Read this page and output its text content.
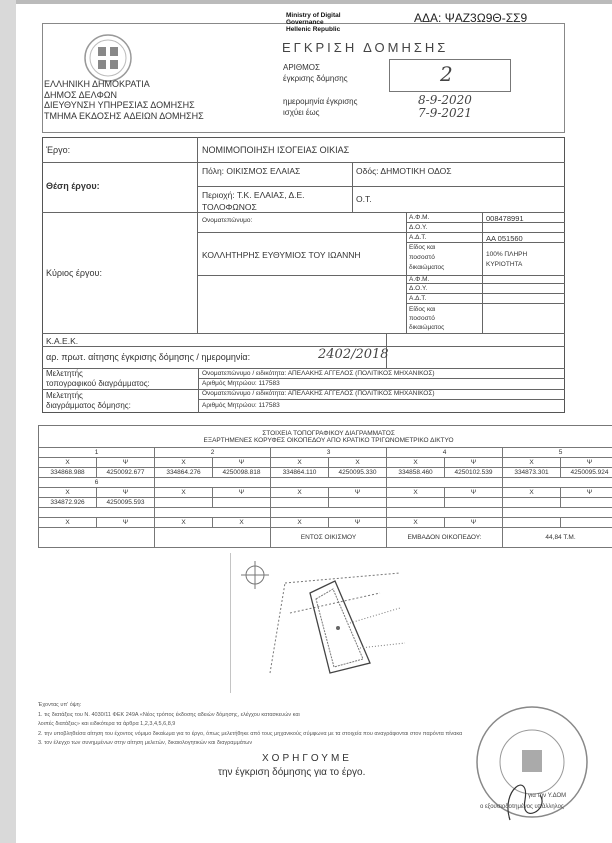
ΑΔΑ: ΨΑΖ3Ω9Θ-ΣΣ9
ΕΛΛΗΝΙΚΗ ΔΗΜΟΚΡΑΤΙΑ
ΔΗΜΟΣ ΔΕΛΦΩΝ
ΔΙΕΥΘΥΝΣΗ ΥΠΗΡΕΣΙΑΣ ΔΟΜΗΣΗΣ
ΤΜΗΜΑ ΕΚΔΟΣΗΣ ΑΔΕΙΩΝ ΔΟΜΗΣΗΣ
Ministry of Digital
Governance
Hellenic Republic
ΕΓΚΡΙΣΗ ΔΟΜΗΣΗΣ
ΑΡΙΘΜΟΣ
έγκρισης δόμησης	2
ημερομηνία έγκρισης
ισχύει έως
8-9-2020
7-9-2021
Έργο:	ΝΟΜΙΜΟΠΟΙΗΣΗ ΙΣΟΓΕΙΑΣ ΟΙΚΙΑΣ
Θέση έργου:
Πόλη: ΟΙΚΙΣΜΟΣ ΕΛΑΙΑΣ	Οδός: ΔΗΜΟΤΙΚΗ ΟΔΟΣ
Περιοχή: Τ.Κ. ΕΛΑΙΑΣ, Δ.Ε.
ΤΟΛΟΦΩΝΟΣ
Ο.Τ.
Κύριος έργου:
Ονοματεπώνυμο:
ΚΟΛΛΗΤΗΡΗΣ ΕΥΘΥΜΙΟΣ ΤΟΥ ΙΩΑΝΝΗ
Α.Φ.Μ.	008478991
Δ.Ο.Υ.
Α.Δ.Τ.	ΑΑ 051560
Είδος και
ποσοστό
δικαιώματος
100% ΠΛΗΡΗ
ΚΥΡΙΟΤΗΤΑ
Α.Φ.Μ.
Δ.Ο.Υ.
Α.Δ.Τ.
Είδος και
ποσοστό
δικαιώματος
Κ.Α.Ε.Κ.
αρ. πρωτ. αίτησης έγκρισης δόμησης / ημερομηνία:	2402/2018
Μελετητής
τοπογραφικού διαγράμματος:
Ονοματεπώνυμο / ειδικότητα: ΑΠΕΛΑΚΗΣ ΑΓΓΕΛΟΣ (ΠΟΛΙΤΙΚΟΣ ΜΗΧΑΝΙΚΟΣ)
Αριθμός Μητρώου: 117583
Μελετητής
διαγράμματος δόμησης:
Ονοματεπώνυμο / ειδικότητα: ΑΠΕΛΑΚΗΣ ΑΓΓΕΛΟΣ (ΠΟΛΙΤΙΚΟΣ ΜΗΧΑΝΙΚΟΣ)
Αριθμός Μητρώου: 117583
ΣΤΟΙΧΕΙΑ ΤΟΠΟΓΡΑΦΙΚΟΥ ΔΙΑΓΡΑΜΜΑΤΟΣ
ΕΞΑΡΤΗΜΕΝΕΣ ΚΟΡΥΦΕΣ ΟΙΚΟΠΕΔΟΥ ΑΠΟ ΚΡΑΤΙΚΟ ΤΡΙΓΩΝΟΜΕΤΡΙΚΟ ΔΙΚΤΥΟ									

1		2		3		4		5	
Χ	Ψ	Χ	Ψ	Χ	Χ	Χ	Ψ	Χ	Ψ
334868.988	4250092.677	334864.276	4250098.818	334864.110	4250095.330	334858.460	4250102.539	334873.301	4250095.924
6									
Χ	Ψ	Χ	Ψ	Χ	Ψ	Χ	Ψ	Χ	Ψ
334872.926	4250095.593								

Χ	Ψ	Χ	Χ	Χ	Ψ	Χ	Ψ		
				ΕΝΤΟΣ ΟΙΚΙΣΜΟΥ		ΕΜΒΑΔΟΝ ΟΙΚΟΠΕΔΟΥ:		44,84 Τ.Μ.	
Έχοντας υπ' όψη:
1. τις διατάξεις του Ν. 4030/11 ΦΕΚ 249Α «Νέος τρόπος έκδοσης αδειών δόμησης, ελέγχου κατασκευών και
λοιπές διατάξεις» και ειδικότερα τα άρθρα 1,2,3,4,5,6,8,9
2. την υποβληθείσα αίτηση του έχοντος νόμιμο δικαίωμα για το έργο, όπως μελετήθηκε από τους μηχανικούς σύμφωνα με τα στοιχεία που αναγράφονται στον παρόντα πίνακα
3. τον έλεγχο των συνημμένων στην αίτηση μελετών, δικαιολογητικών και διαγραμμάτων
ΧΟΡΗΓΟΥΜΕ
την έγκριση δόμησης για το έργο.
για την Υ.ΔΟΜ
ο εξουσιοδοτημένος υπάλληλος
